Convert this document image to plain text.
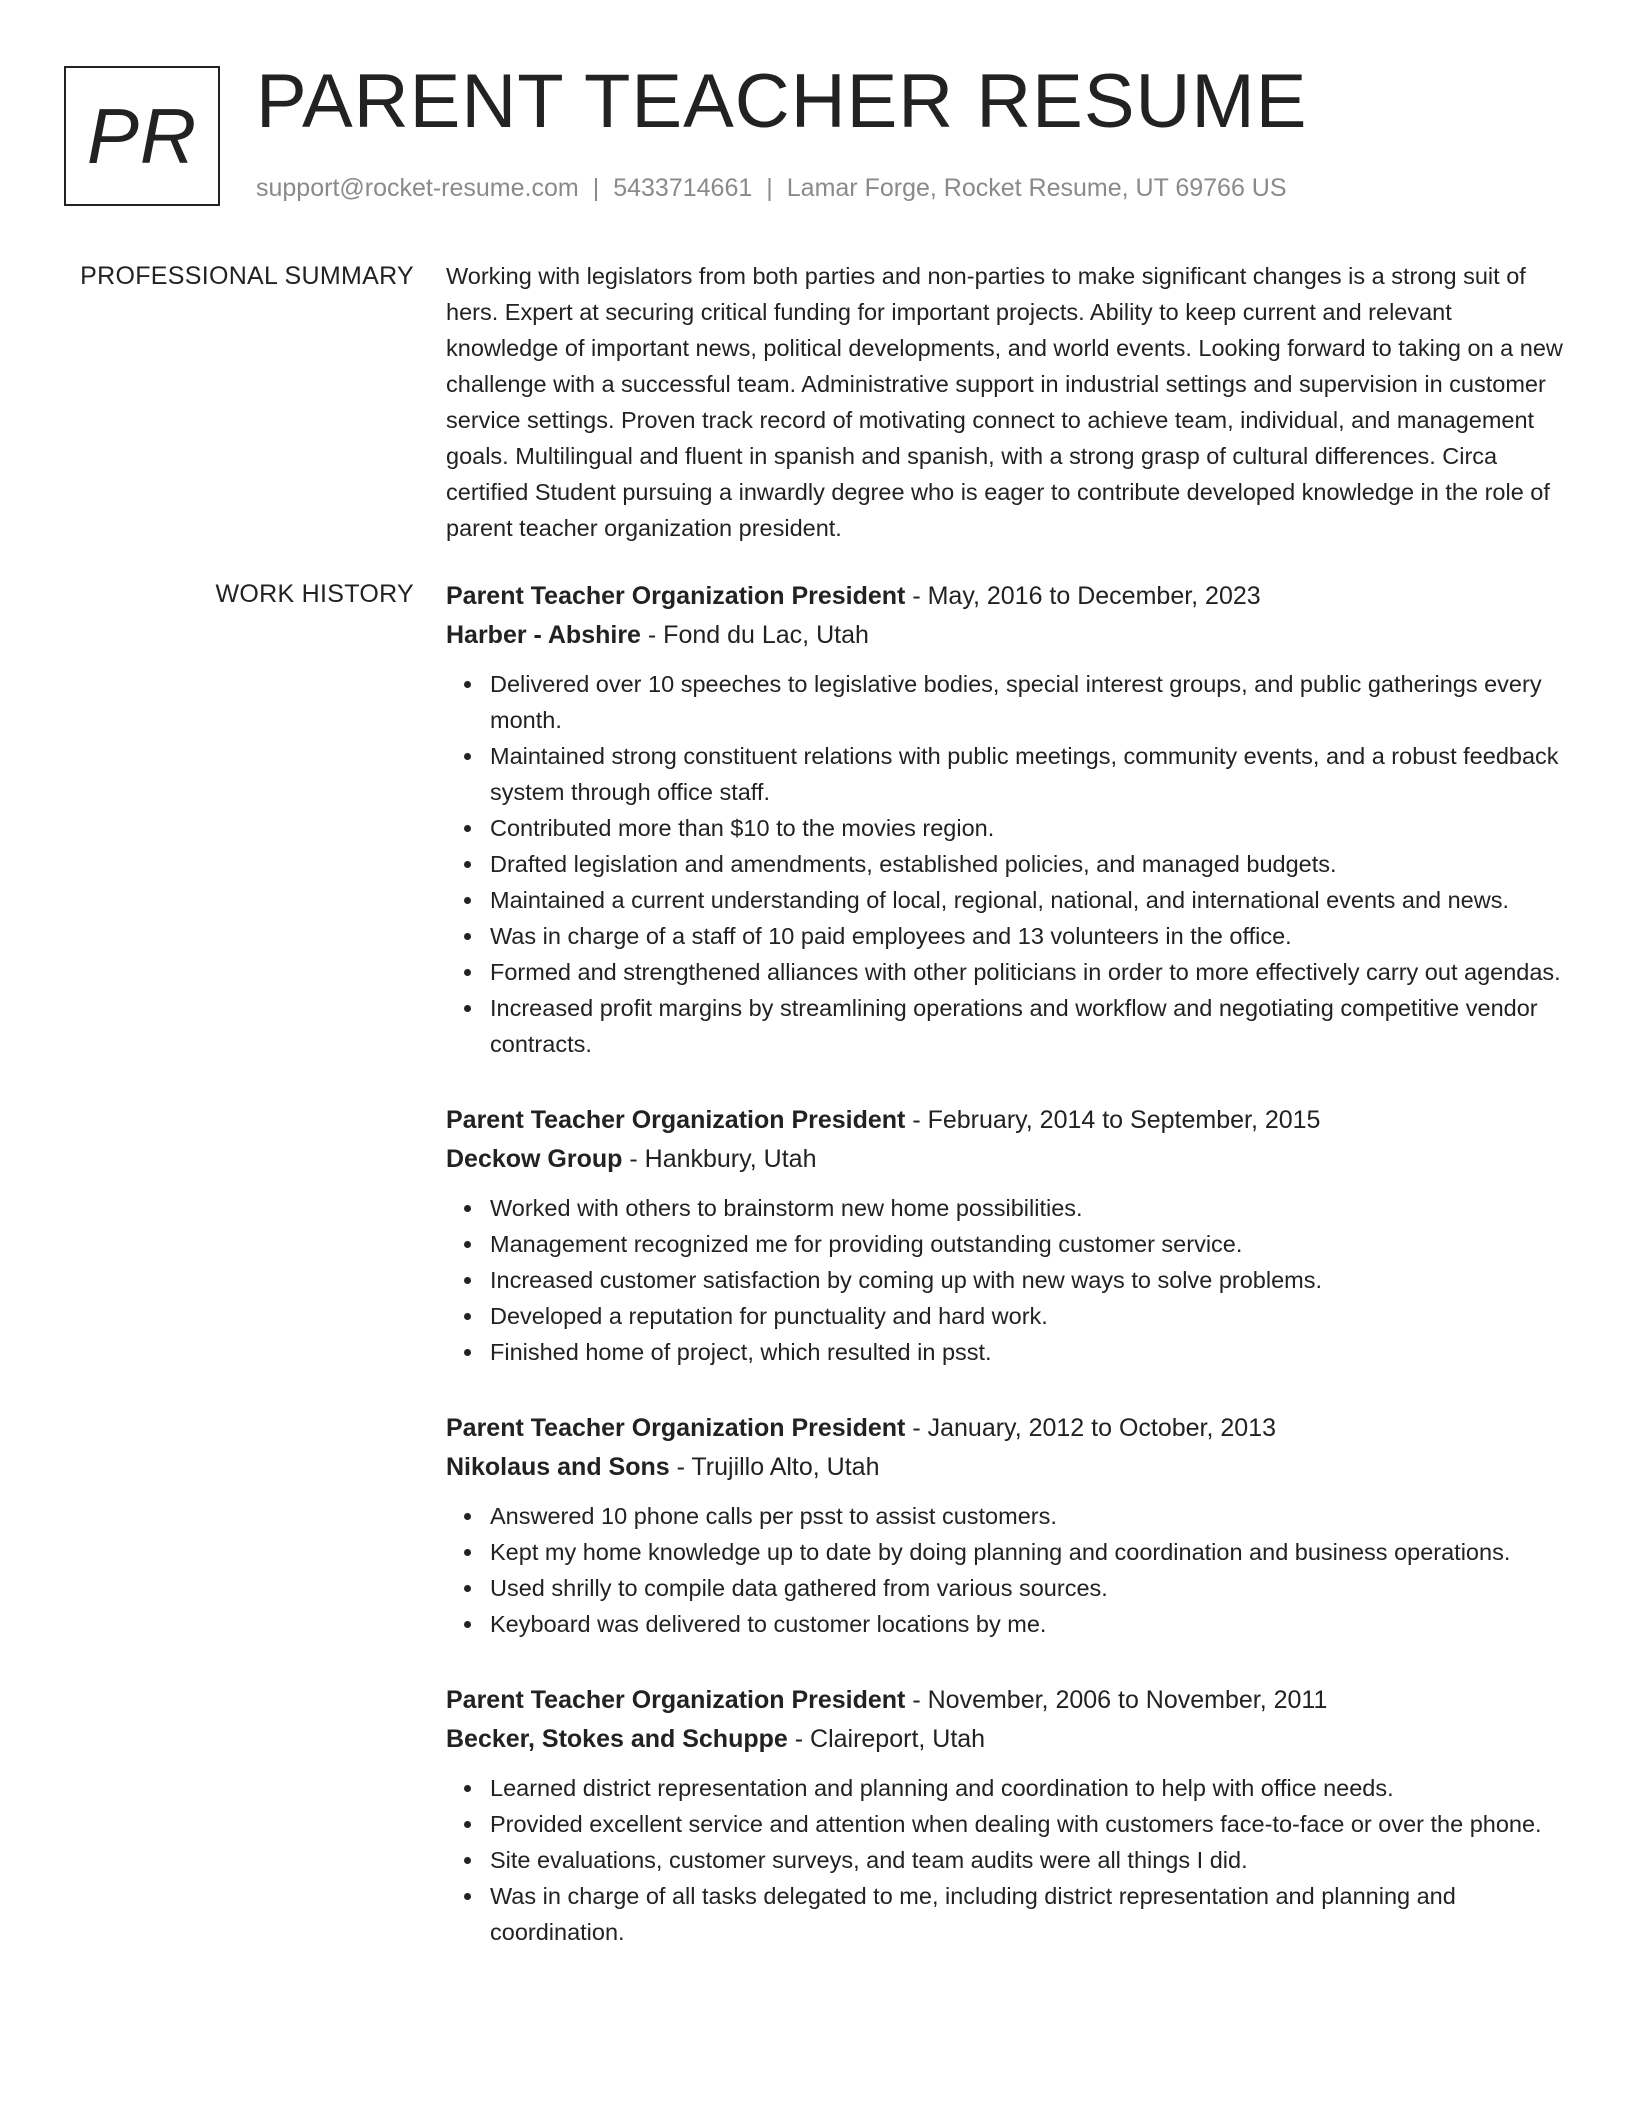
PR PARENT TEACHER RESUME
support@rocket-resume.com | 5433714661 | Lamar Forge, Rocket Resume, UT 69766 US
PROFESSIONAL SUMMARY Working with legislators from both parties and non-parties to make significant changes is a strong suit of hers. Expert at securing critical funding for important projects. Ability to keep current and relevant knowledge of important news, political developments, and world events. Looking forward to taking on a new challenge with a successful team. Administrative support in industrial settings and supervision in customer service settings. Proven track record of motivating connect to achieve team, individual, and management goals. Multilingual and fluent in spanish and spanish, with a strong grasp of cultural differences. Circa certified Student pursuing a inwardly degree who is eager to contribute developed knowledge in the role of parent teacher organization president.

WORK HISTORY Parent Teacher Organization President - May, 2016 to December, 2023
Harber - Abshire - Fond du Lac, Utah
Delivered over 10 speeches to legislative bodies, special interest groups, and public gatherings every month.
Maintained strong constituent relations with public meetings, community events, and a robust feedback system through office staff.
Contributed more than $10 to the movies region.
Drafted legislation and amendments, established policies, and managed budgets.
Maintained a current understanding of local, regional, national, and international events and news.
Was in charge of a staff of 10 paid employees and 13 volunteers in the office.
Formed and strengthened alliances with other politicians in order to more effectively carry out agendas.
Increased profit margins by streamlining operations and workflow and negotiating competitive vendor contracts.
Parent Teacher Organization President - February, 2014 to September, 2015
Deckow Group - Hankbury, Utah
Worked with others to brainstorm new home possibilities.
Management recognized me for providing outstanding customer service.
Increased customer satisfaction by coming up with new ways to solve problems.
Developed a reputation for punctuality and hard work.
Finished home of project, which resulted in psst.
Parent Teacher Organization President - January, 2012 to October, 2013
Nikolaus and Sons - Trujillo Alto, Utah
Answered 10 phone calls per psst to assist customers.
Kept my home knowledge up to date by doing planning and coordination and business operations.
Used shrilly to compile data gathered from various sources.
Keyboard was delivered to customer locations by me.
Parent Teacher Organization President - November, 2006 to November, 2011
Becker, Stokes and Schuppe - Claireport, Utah
Learned district representation and planning and coordination to help with office needs.
Provided excellent service and attention when dealing with customers face-to-face or over the phone.
Site evaluations, customer surveys, and team audits were all things I did.
Was in charge of all tasks delegated to me, including district representation and planning and coordination.
